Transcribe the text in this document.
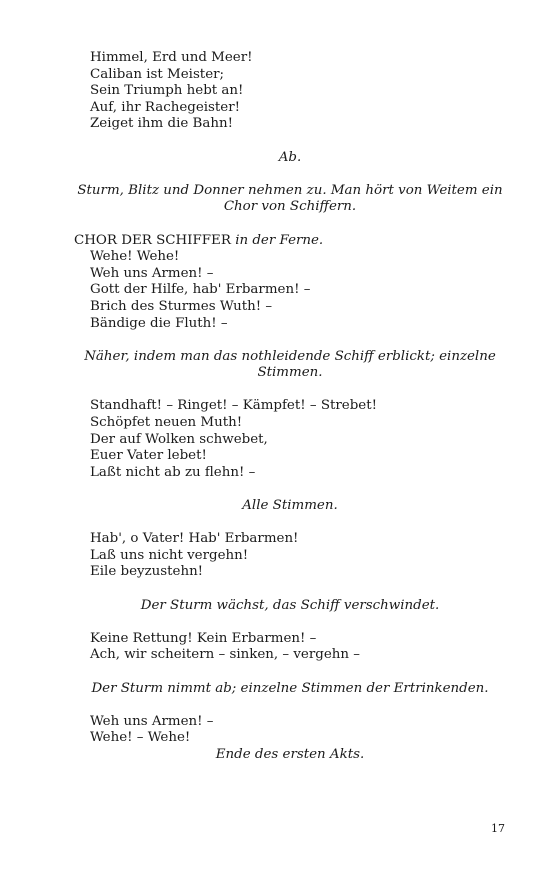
Himmel, Erd und Meer!
Caliban ist Meister;
Sein Triumph hebt an!
Auf, ihr Rachegeister!
Zeiget ihm die Bahn!
Ab.
Sturm, Blitz und Donner nehmen zu. Man hört von Weitem ein Chor von Schiffern.
CHOR DER SCHIFFER in der Ferne.
Wehe! Wehe!
Weh uns Armen! –
Gott der Hilfe, hab' Erbarmen! –
Brich des Sturmes Wuth! –
Bändige die Fluth! –
Näher, indem man das nothleidende Schiff erblickt; einzelne Stimmen.
Standhaft! – Ringet! – Kämpfet! – Strebet!
Schöpfet neuen Muth!
Der auf Wolken schwebet,
Euer Vater lebet!
Laßt nicht ab zu flehn! –
Alle Stimmen.
Hab', o Vater! Hab' Erbarmen!
Laß uns nicht vergehn!
Eile beyzustehn!
Der Sturm wächst, das Schiff verschwindet.
Keine Rettung! Kein Erbarmen! –
Ach, wir scheitern – sinken, – vergehn –
Der Sturm nimmt ab; einzelne Stimmen der Ertrinkenden.
Weh uns Armen! –
Wehe! – Wehe!
Ende des ersten Akts.
17
